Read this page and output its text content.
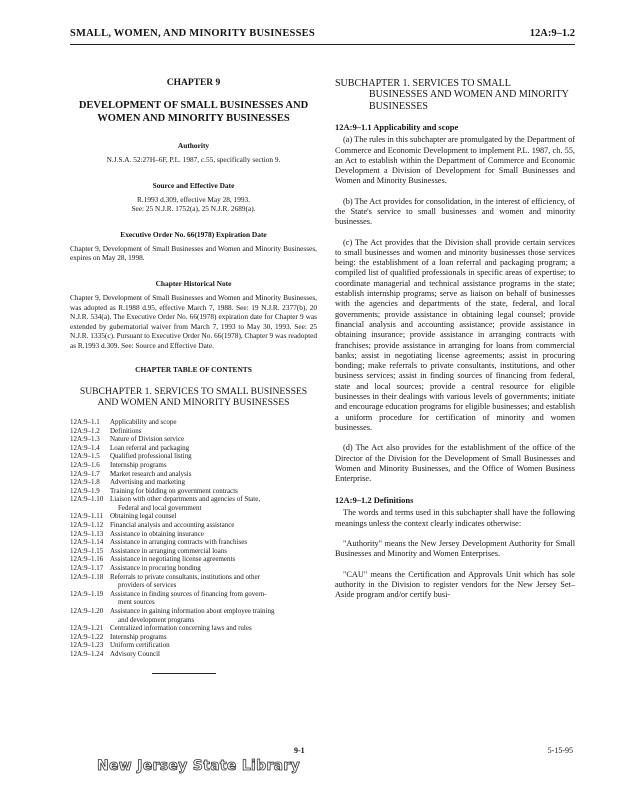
SMALL, WOMEN, AND MINORITY BUSINESSES	12A:9–1.2

CHAPTER 9

DEVELOPMENT OF SMALL BUSINESSES AND
WOMEN AND MINORITY BUSINESSES

Authority

N.J.S.A. 52:27H–6F, P.L. 1987, c.55, specifically section 9.

Source and Effective Date

R.1993 d.309, effective May 28, 1993.
See: 25 N.J.R. 1752(a), 25 N.J.R. 2689(a).

Executive Order No. 66(1978) Expiration Date

Chapter 9, Development of Small Businesses and Women and Minority Businesses, expires on May 28, 1998.

Chapter Historical Note

Chapter 9, Development of Small Businesses and Women and Minority Businesses, was adopted as R.1988 d.95, effective March 7, 1988. See: 19 N.J.R. 2377(b), 20 N.J.R. 534(a). The Executive Order No. 66(1978) expiration date for Chapter 9 was extended by gubernatorial waiver from March 7, 1993 to May 30, 1993. See: 25 N.J.R. 1335(c). Pursuant to Executive Order No. 66(1978), Chapter 9 was readopted as R.1993 d.309. See: Source and Effective Date.

CHAPTER TABLE OF CONTENTS

SUBCHAPTER 1. SERVICES TO SMALL BUSINESSES
AND WOMEN AND MINORITY BUSINESSES

12A:9–1.1	Applicability and scope
12A:9–1.2	Definitions
12A:9–1.3	Nature of Division service
12A:9–1.4	Loan referral and packaging
12A:9–1.5	Qualified professional listing
12A:9–1.6	Internship programs
12A:9–1.7	Market research and analysis
12A:9–1.8	Advertising and marketing
12A:9–1.9	Training for bidding on government contracts
12A:9–1.10 Liaison with other departments and agencies of State,
Federal and local government
12A:9–1.11	Obtaining legal counsel
12A:9–1.12 Financial analysis and accounting assistance
12A:9–1.13 Assistance in obtaining insurance
12A:9–1.14 Assistance in arranging contracts with franchises
12A:9–1.15 Assistance in arranging commercial loans
12A:9–1.16 Assistance in negotiating license agreements
12A:9–1.17 Assistance in procuring bonding
12A:9–1.18 Referrals to private consultants, institutions and other
providers of services
12A:9–1.19 Assistance in finding sources of financing from govern-
ment sources
12A:9–1.20 Assistance in gaining information about employee training
and development programs
12A:9–1.21 Centralized information concerning laws and rules
12A:9–1.22 Internship programs
12A:9–1.23 Uniform certification
12A:9–1.24 Advisory Council

SUBCHAPTER 1. SERVICES TO SMALL
BUSINESSES AND WOMEN AND MINORITY
BUSINESSES

12A:9–1.1 Applicability and scope

(a) The rules in this subchapter are promulgated by the Department of Commerce and Economic Development to implement P.L. 1987, ch. 55, an Act to establish within the Department of Commerce and Economic Development a Division of Development for Small Businesses and Women and Minority Businesses.

(b) The Act provides for consolidation, in the interest of efficiency, of the State's service to small businesses and women and minority businesses.

(c) The Act provides that the Division shall provide certain services to small businesses and women and minority businesses those services being: the establishment of a loan referral and packaging program; a compiled list of qualified professionals in specific areas of expertise; to coordinate managerial and technical assistance programs in the state; establish internship programs; serve as liaison on behalf of businesses with the agencies and departments of the state, federal, and local governments; provide assistance in obtaining legal counsel; provide financial analysis and accounting assistance; provide assistance in obtaining insurance; provide assistance in arranging contracts with franchises; provide assistance in arranging for loans from commercial banks; assist in negotiating license agreements; assist in procuring bonding; make referrals to private consultants, institutions, and other business services; assist in finding sources of financing from federal, state and local sources; provide a central resource for eligible businesses in their dealings with various levels of governments; initiate and encourage education programs for eligible businesses; and establish a uniform procedure for certification of minority and women businesses.

(d) The Act also provides for the establishment of the office of the Director of the Division for the Development of Small Businesses and Women and Minority Businesses, and the Office of Women Business Enterprise.

12A:9–1.2 Definitions

The words and terms used in this subchapter shall have the following meanings unless the context clearly indicates otherwise:

"Authority" means the New Jersey Development Authority for Small Businesses and Minority and Women Enterprises.

"CAU" means the Certification and Approvals Unit which has sole authority in the Division to register vendors for the New Jersey Set–Aside program and/or certify busi-

9-1	5-15-95
New Jersey State Library
